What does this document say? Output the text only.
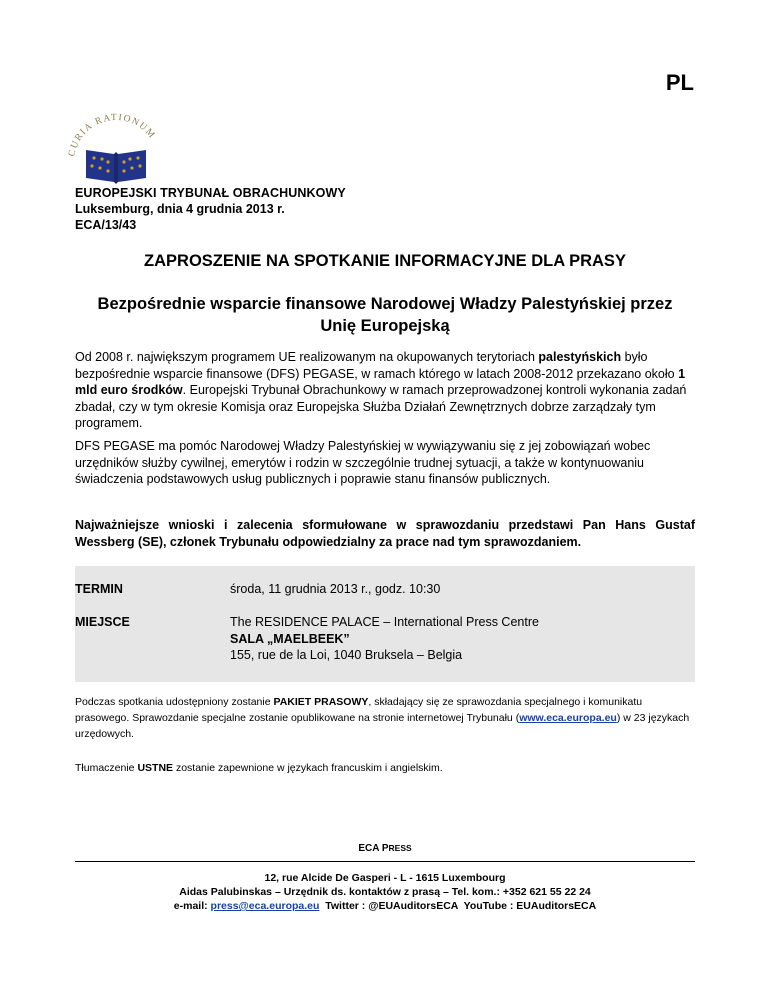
PL
CURIA RATIONUM
EUROPEJSKI TRYBUNAŁ OBRACHUNKOWY
Luksemburg, dnia 4 grudnia 2013 r.
ECA/13/43
ZAPROSZENIE NA SPOTKANIE INFORMACYJNE DLA PRASY
Bezpośrednie wsparcie finansowe Narodowej Władzy Palestyńskiej przez
Unię Europejską
Od 2008 r. największym programem UE realizowanym na okupowanych terytoriach palestyńskich było bezpośrednie wsparcie finansowe (DFS) PEGASE, w ramach którego w latach 2008-2012 przekazano około 1 mld euro środków. Europejski Trybunał Obrachunkowy w ramach przeprowadzonej kontroli wykonania zadań zbadał, czy w tym okresie Komisja oraz Europejska Służba Działań Zewnętrznych dobrze zarządzały tym programem.
DFS PEGASE ma pomóc Narodowej Władzy Palestyńskiej w wywiązywaniu się z jej zobowiązań wobec urzędników służby cywilnej, emerytów i rodzin w szczególnie trudnej sytuacji, a także w kontynuowaniu świadczenia podstawowych usług publicznych i poprawie stanu finansów publicznych.
Najważniejsze wnioski i zalecenia sformułowane w sprawozdaniu przedstawi Pan Hans Gustaf Wessberg (SE), członek Trybunału odpowiedzialny za prace nad tym sprawozdaniem.
TERMIN	środa, 11 grudnia 2013 r., godz. 10:30
MIEJSCE	The RESIDENCE PALACE – International Press Centre
SALA „MAELBEEK”
155, rue de la Loi, 1040 Bruksela – Belgia
Podczas spotkania udostępniony zostanie PAKIET PRASOWY, składający się ze sprawozdania specjalnego i komunikatu prasowego. Sprawozdanie specjalne zostanie opublikowane na stronie internetowej Trybunału (www.eca.europa.eu) w 23 językach urzędowych.
Tłumaczenie USTNE zostanie zapewnione w językach francuskim i angielskim.
ECA PRESS
12, rue Alcide De Gasperi - L - 1615 Luxembourg
Aidas Palubinskas – Urzędnik ds. kontaktów z prasą – Tel. kom.: +352 621 55 22 24
e-mail: press@eca.europa.eu  Twitter : @EUAuditorsECA  YouTube : EUAuditorsECA
